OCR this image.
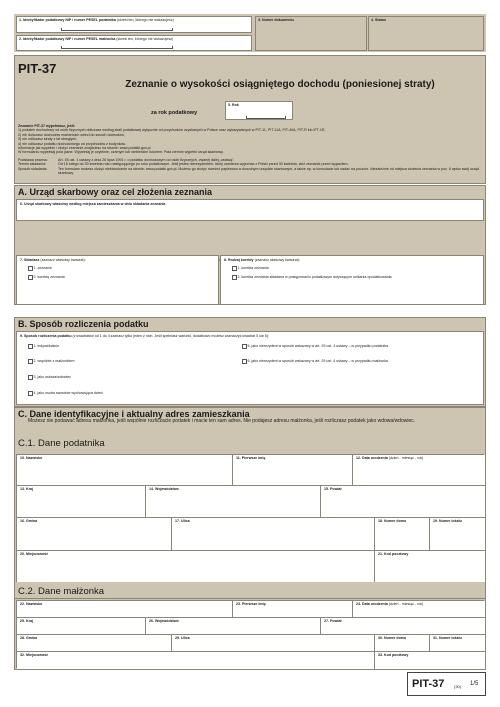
1. Identyfikator podatkowy NIP / numer PESEL podatnika (skreśl ten, którego nie wskazujesz)
2. Identyfikator podatkowy NIP / numer PESEL małżonka (skreśl ten, którego nie wskazujesz)
3. Numer dokumentu	4. Status
PIT-37
Zeznanie o wysokości osiągniętego dochodu (poniesionej straty)
za rok podatkowy
5. Rok
Zeznanie PIT-37 wypełniasz, jeśli:
1) podatek dochodowy od osób fizycznych obliczasz według skali podatkowej wyłącznie od przychodów uzyskanych w Polsce oraz wykazywanych w PIT-11, PIT-11A, PIT-40A, PIT-R lub IFT-1R,
2) nie doliczasz dochodów małoletnich dzieci do swoich dochodów,
3) nie odliczasz straty z lat ubiegłych,
4) nie odliczasz podatku dochodowego od przychodów z budynków.
Informacje jak wypełnić i złożyć zeznanie znajdziesz na stronie: www.podatki.gov.pl.
W formularzu wypełniaj pola jasne. Wypełniaj je czytelnie, czarnym lub niebieskim kolorem. Pola ciemne wypełni urząd skarbowy.
Podstawa prawna:	Art. 45 ust. 1 ustawy z dnia 26 lipca 1991 r. o podatku dochodowym od osób fizycznych, zwanej dalej „ustawą”.
Termin składania:	Od 15 lutego do 30 kwietnia roku następującego po roku podatkowym. Jeśli jesteś nierezydentem, który zamierza wyjechać z Polski przed 30 kwietnia, złóż zeznanie przed wyjazdem.
Sposób składania:	Ten formularz możesz złożyć elektronicznie na stronie: www.podatki.gov.pl. Możesz go złożyć również papierowo w dowolnym urzędzie skarbowym, a także np. w konsulacie lub nadać na poczcie. Niezależnie od miejsca złożenia zeznania w poz. 6 wpisz swój urząd skarbowy.
A. Urząd skarbowy oraz cel złożenia zeznania
6. Urząd skarbowy właściwy według miejsca zamieszkania w dniu składania zeznania
7. Składasz (zaznacz właściwy kwadrat):
1. zeznanie
2. korektę zeznania
8. Rodzaj korekty (zaznacz właściwy kwadrat):
1. korekta zeznania
2. korekta zeznania składana w postępowaniu podatkowym dotyczącym unikania opodatkowania
B. Sposób rozliczenia podatku
9. Sposób rozliczenia podatku (z kwadratów od 1 do 4 zaznacz tylko jeden z nich. Jeśli spełniasz warunki, dodatkowo możesz zaznaczyć kwadrat 5 lub 6):
1. indywidualnie
2. wspólnie z małżonkiem
3. jako wdowa/wdowiec
4. jako osoba samotnie wychowująca dzieci
5. jako nierezydent w sposób wskazany w art. 29 ust. 4 ustawy – w przypadku podatnika
6. jako nierezydent w sposób wskazany w art. 29 ust. 4 ustawy – w przypadku małżonka
C. Dane identyfikacyjne i aktualny adres zamieszkania
Możesz nie podawać adresu małżonka, jeśli wspólnie rozliczacie podatek i macie ten sam adres. Nie podajesz adresu małżonka, jeśli rozliczasz podatek jako wdowa/wdowiec.
C.1. Dane podatnika
10. Nazwisko	11. Pierwsze imię	12. Data urodzenia (dzień - miesiąc - rok)
13. Kraj	14. Województwo	15. Powiat
16. Gmina	17. Ulica	18. Numer domu	19. Numer lokalu
20. Miejscowość	21. Kod pocztowy
C.2. Dane małżonka
PIT-37 (30) 1/5
22. Nazwisko	23. Pierwsze imię	24. Data urodzenia (dzień - miesiąc - rok)
25. Kraj	26. Województwo	27. Powiat
28. Gmina	29. Ulica	30. Numer domu	31. Numer lokalu
32. Miejscowość	33. Kod pocztowy
